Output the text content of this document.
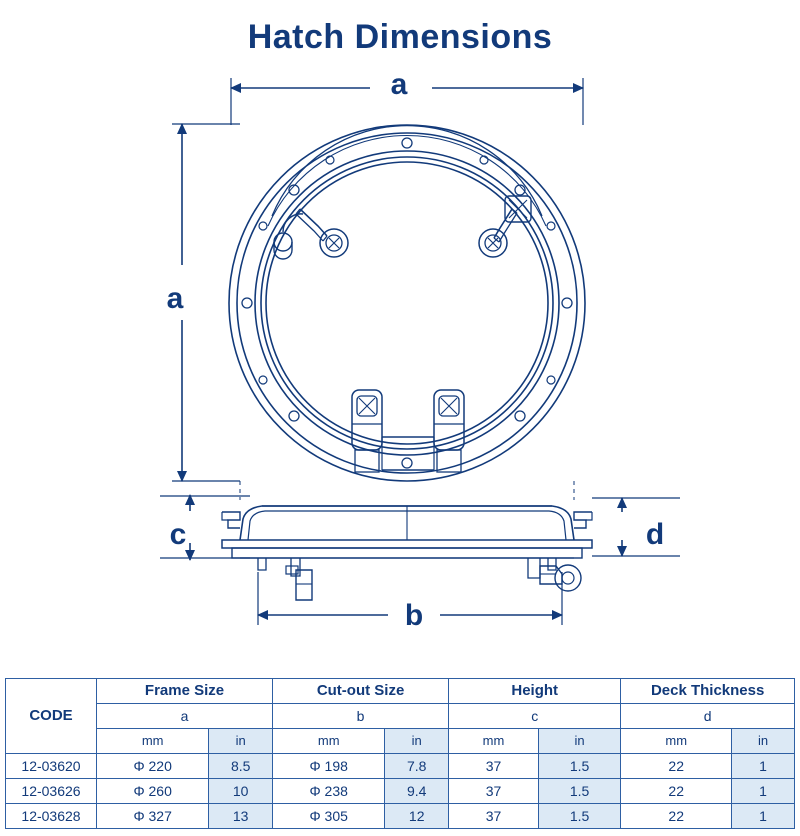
Hatch Dimensions
a
a
b
c	d
CODE	Frame Size		Cut-out Size		Height		Deck Thickness	
	a		b		c		d	
	mm	in	mm	in	mm	in	mm	in
12-03620	Φ 220	8.5	Φ 198	7.8	37	1.5	22	1
12-03626	Φ 260	10	Φ 238	9.4	37	1.5	22	1
12-03628	Φ 327	13	Φ 305	12	37	1.5	22	1
